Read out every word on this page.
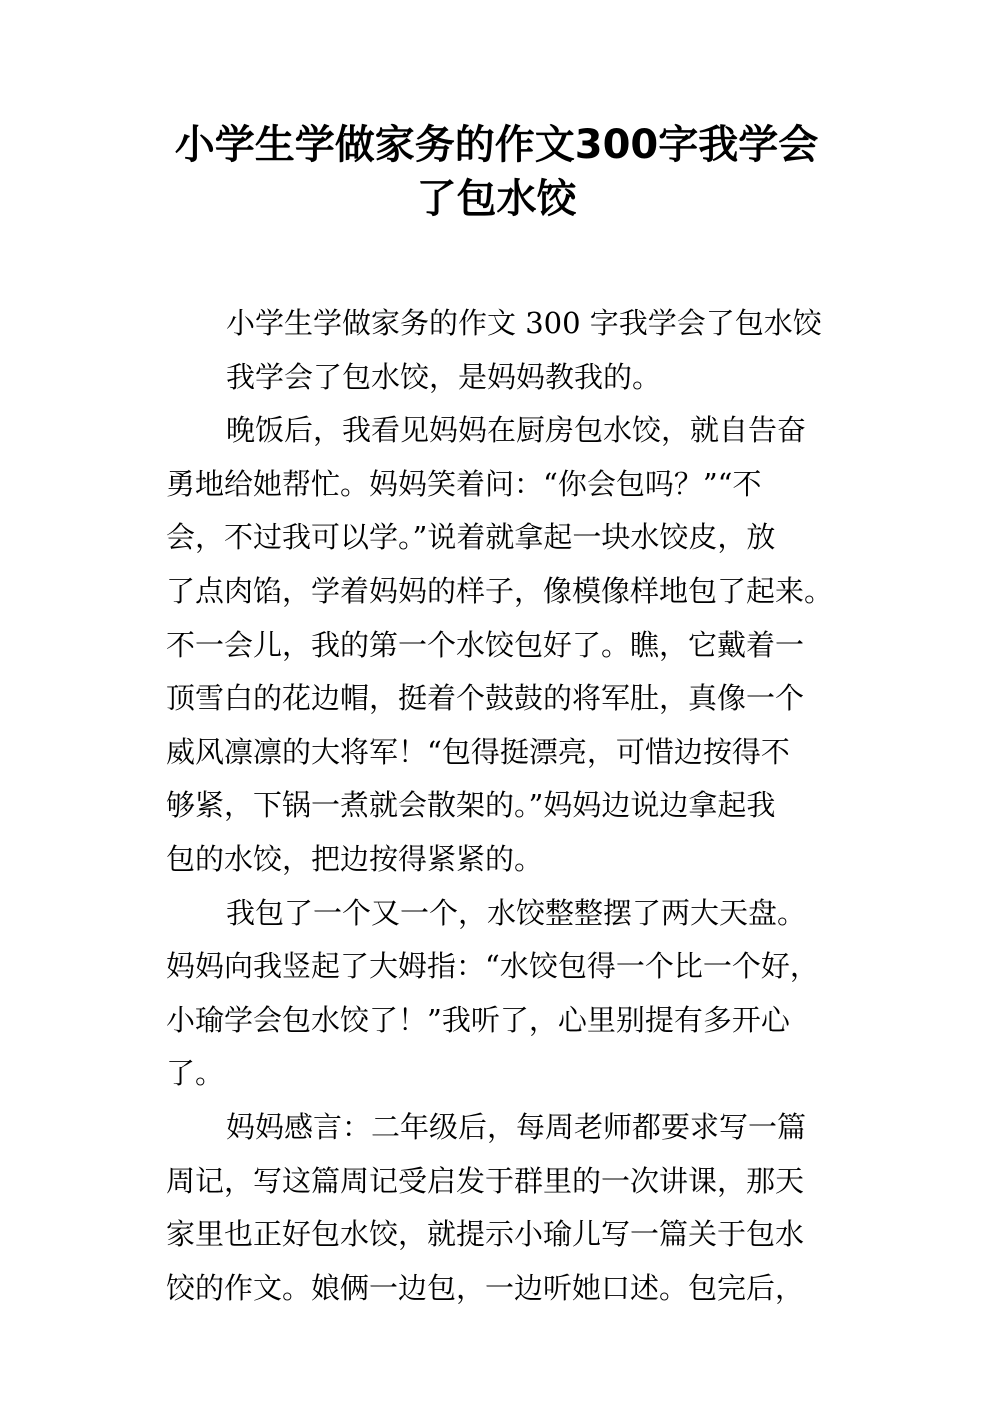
小学生学做家务的作文300字我学会
了包水饺
小学生学做家务的作文 300 字我学会了包水饺
我学会了包水饺，是妈妈教我的。
晚饭后，我看见妈妈在厨房包水饺，就自告奋
勇地给她帮忙。妈妈笑着问：“你会包吗？”“不
会，不过我可以学。”说着就拿起一块水饺皮，放
了点肉馅，学着妈妈的样子，像模像样地包了起来。
不一会儿，我的第一个水饺包好了。瞧，它戴着一
顶雪白的花边帽，挺着个鼓鼓的将军肚，真像一个
威风凛凛的大将军！“包得挺漂亮，可惜边按得不
够紧，下锅一煮就会散架的。”妈妈边说边拿起我
包的水饺，把边按得紧紧的。
我包了一个又一个，水饺整整摆了两大天盘。
妈妈向我竖起了大姆指：“水饺包得一个比一个好，
小瑜学会包水饺了！”我听了，心里别提有多开心
了。
妈妈感言：二年级后，每周老师都要求写一篇
周记，写这篇周记受启发于群里的一次讲课，那天
家里也正好包水饺，就提示小瑜儿写一篇关于包水
饺的作文。娘俩一边包，一边听她口述。包完后，
